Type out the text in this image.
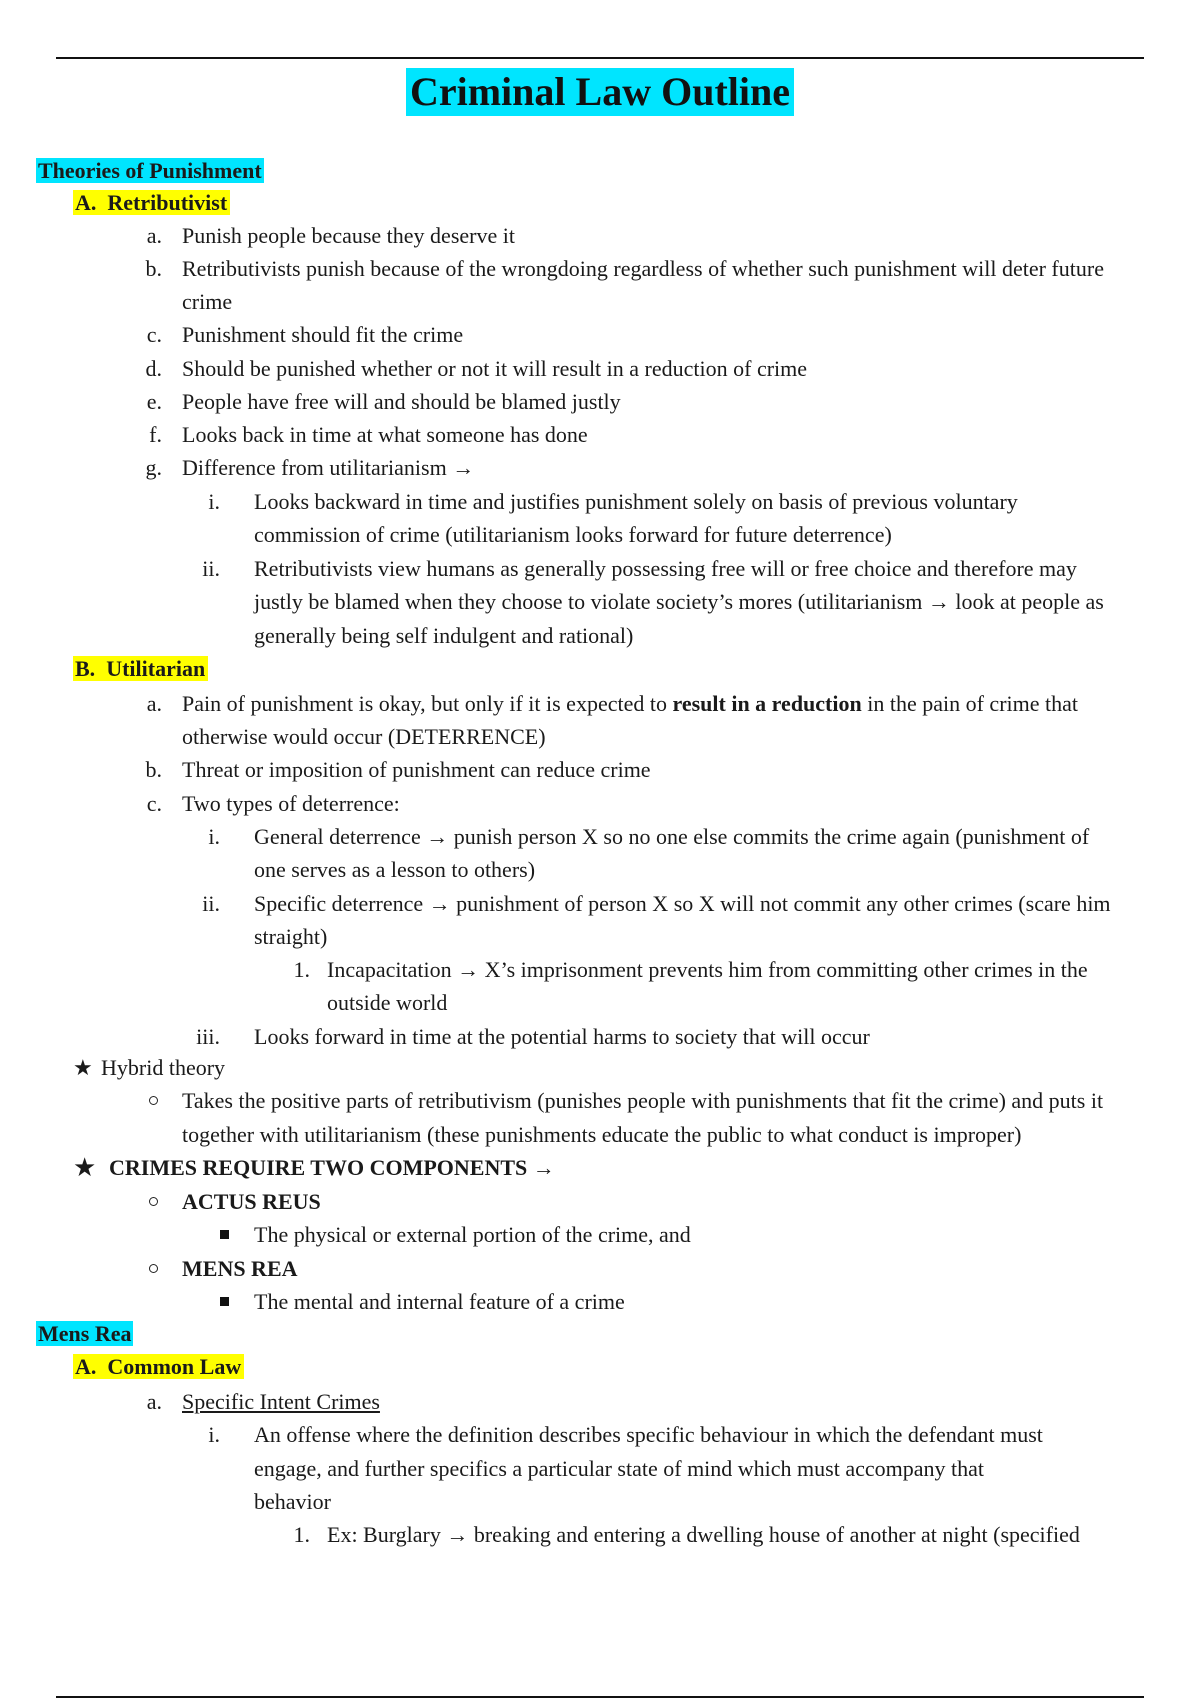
Criminal Law Outline
Theories of Punishment
A. Retributivist
a. Punish people because they deserve it
b. Retributivists punish because of the wrongdoing regardless of whether such punishment will deter future
crime
c. Punishment should fit the crime
d. Should be punished whether or not it will result in a reduction of crime
e. People have free will and should be blamed justly
f. Looks back in time at what someone has done
g. Difference from utilitarianism →
i. Looks backward in time and justifies punishment solely on basis of previous voluntary
commission of crime (utilitarianism looks forward for future deterrence)
ii. Retributivists view humans as generally possessing free will or free choice and therefore may
justly be blamed when they choose to violate society’s mores (utilitarianism → look at people as
generally being self indulgent and rational)
B. Utilitarian
a. Pain of punishment is okay, but only if it is expected to result in a reduction in the pain of crime that
otherwise would occur (DETERRENCE)
b. Threat or imposition of punishment can reduce crime
c. Two types of deterrence:
i. General deterrence → punish person X so no one else commits the crime again (punishment of
one serves as a lesson to others)
ii. Specific deterrence → punishment of person X so X will not commit any other crimes (scare him
straight)
1. Incapacitation → X’s imprisonment prevents him from committing other crimes in the
outside world
iii. Looks forward in time at the potential harms to society that will occur
★ Hybrid theory
Takes the positive parts of retributivism (punishes people with punishments that fit the crime) and puts it
together with utilitarianism (these punishments educate the public to what conduct is improper)
★ CRIMES REQUIRE TWO COMPONENTS →
ACTUS REUS
The physical or external portion of the crime, and
MENS REA
The mental and internal feature of a crime
Mens Rea
A. Common Law
a. Specific Intent Crimes
i. An offense where the definition describes specific behaviour in which the defendant must
engage, and further specifics a particular state of mind which must accompany that
behavior
1. Ex: Burglary → breaking and entering a dwelling house of another at night (specified
